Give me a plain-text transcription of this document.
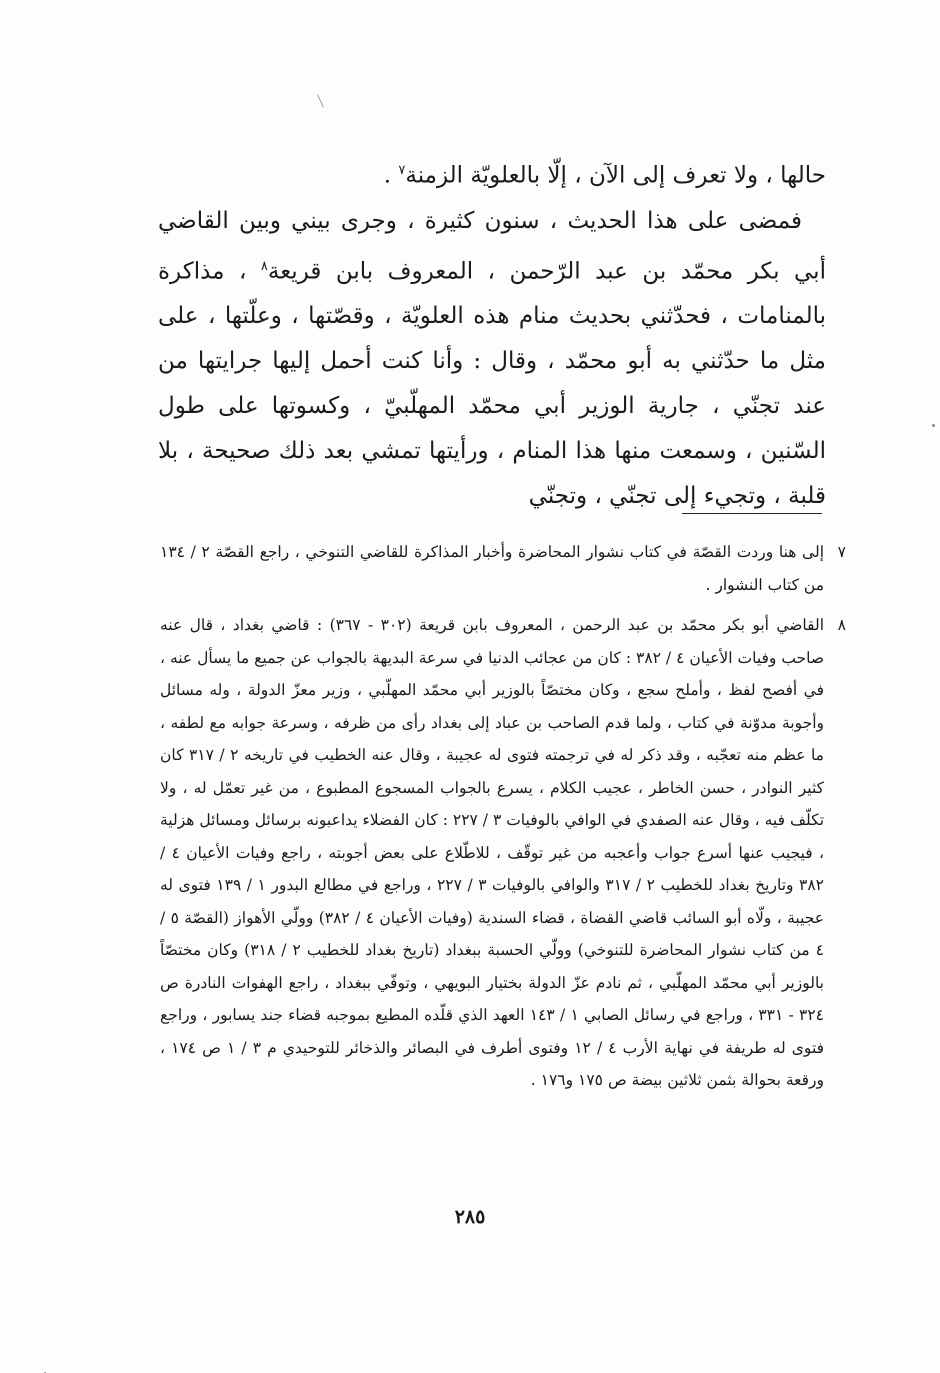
حالها ، ولا تعرف إلى الآن ، إلّا بالعلويّة الزمنة$^٧$ .

فمضى على هذا الحديث ، سنون كثيرة ، وجرى بيني وبين القاضي أبي بكر محمّد بن عبد الرّحمن ، المعروف بابن قريعة$^٨$ ، مذاكرة بالمنامات ، فحدّثني بحديث منام هذه العلويّة ، وقصّتها ، وعلّتها ، على مثل ما حدّثني به أبو محمّد ، وقال : وأنا كنت أحمل إليها جرايتها من عند تجنّي ، جارية الوزير أبي محمّد المهلّبيّ ، وكسوتها على طول السّنين ، وسمعت منها هذا المنام ، ورأيتها تمشي بعد ذلك صحيحة ، بلا قلبة ، وتجيء إلى تجنّي ، وتجنّي

٧
إلى هنا وردت القصّة في كتاب نشوار المحاضرة وأخبار المذاكرة للقاضي التنوخي ، راجع القصّة ٢ / ١٣٤ من كتاب النشوار .

٨
القاضي أبو بكر محمّد بن عبد الرحمن ، المعروف بابن قريعة (٣٠٢ - ٣٦٧) : قاضي بغداد ، قال عنه صاحب وفيات الأعيان ٤ / ٣٨٢ : كان من عجائب الدنيا في سرعة البديهة بالجواب عن جميع ما يسأل عنه ، في أفصح لفظ ، وأملح سجع ، وكان مختصّاً بالوزير أبي محمّد المهلّبي ، وزير معزّ الدولة ، وله مسائل وأجوبة مدوّنة في كتاب ، ولما قدم الصاحب بن عباد إلى بغداد رأى من ظرفه ، وسرعة جوابه مع لطفه ، ما عظم منه تعجّبه ، وقد ذكر له في ترجمته فتوى له عجيبة ، وقال عنه الخطيب في تاريخه ٢ / ٣١٧ كان كثير النوادر ، حسن الخاطر ، عجيب الكلام ، يسرع بالجواب المسجوع المطبوع ، من غير تعمّل له ، ولا تكلّف فيه ، وقال عنه الصفدي في الوافي بالوفيات ٣ / ٢٢٧ : كان الفضلاء يداعبونه برسائل ومسائل هزلية ، فيجيب عنها أسرع جواب وأعجبه من غير توقّف ، للاطّلاع على بعض أجوبته ، راجع وفيات الأعيان ٤ / ٣٨٢ وتاريخ بغداد للخطيب ٢ / ٣١٧ والوافي بالوفيات ٣ / ٢٢٧ ، وراجع في مطالع البدور ١ / ١٣٩ فتوى له عجيبة ، ولّاه أبو السائب قاضي القضاة ، قضاء السندية (وفيات الأعيان ٤ / ٣٨٢) وولّي الأهواز (القصّة ٥ / ٤ من كتاب نشوار المحاضرة للتنوخي) وولّي الحسبة ببغداد (تاريخ بغداد للخطيب ٢ / ٣١٨) وكان مختصّاً بالوزير أبي محمّد المهلّبي ، ثم نادم عزّ الدولة بختيار البويهي ، وتوفّي ببغداد ، راجع الهفوات النادرة ص ٣٢٤ - ٣٣١ ، وراجع في رسائل الصابي ١ / ١٤٣ العهد الذي قلّده المطيع بموجبه قضاء جند يسابور ، وراجع فتوى له طريفة في نهاية الأرب ٤ / ١٢ وفتوى أطرف في البصائر والذخائر للتوحيدي م ٣ / ١ ص ١٧٤ ، ورقعة بحوالة بثمن ثلاثين بيضة ص ١٧٥ و١٧٦ .

٢٨٥
